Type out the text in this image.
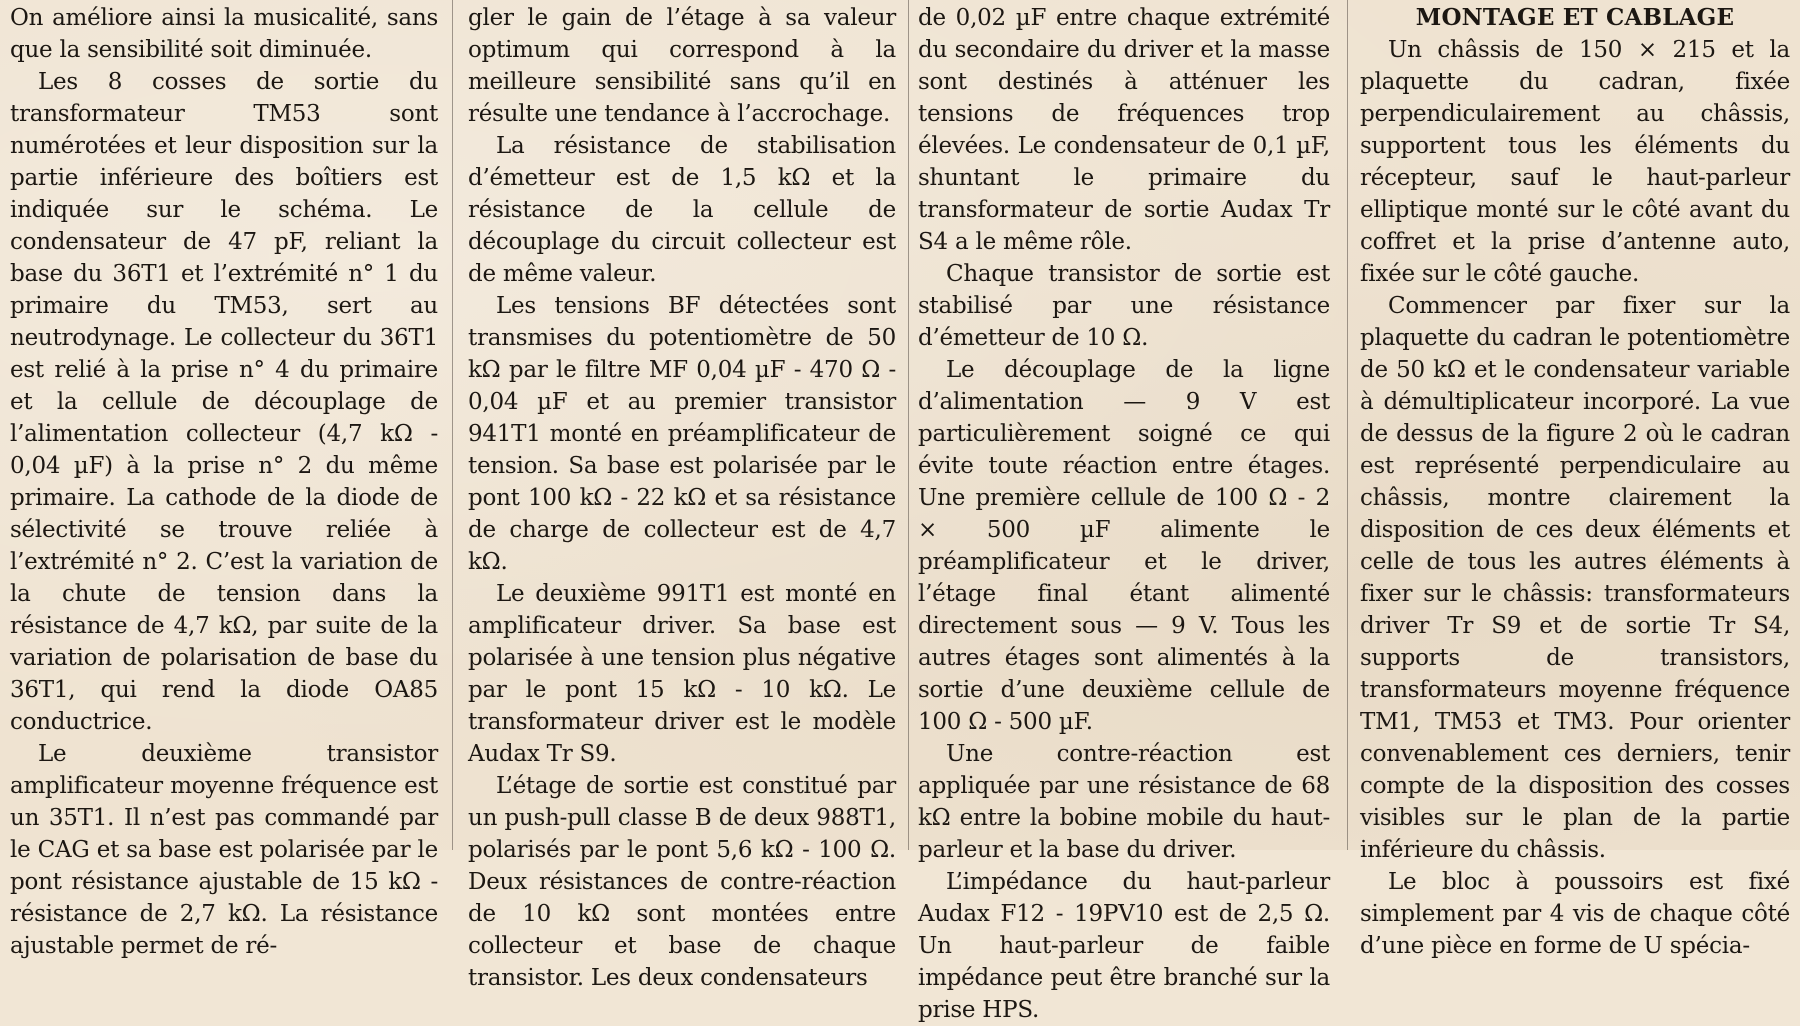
On améliore ainsi la musicalité, sans que la sensibilité soit diminuée.

Les 8 cosses de sortie du transformateur TM53 sont numérotées et leur disposition sur la partie inférieure des boîtiers est indiquée sur le schéma. Le condensateur de 47 pF, reliant la base du 36T1 et l’extrémité n° 1 du primaire du TM53, sert au neutrodynage. Le collecteur du 36T1 est relié à la prise n° 4 du primaire et la cellule de découplage de l’alimentation collecteur (4,7 kΩ - 0,04 µF) à la prise n° 2 du même primaire. La cathode de la diode de sélectivité se trouve reliée à l’extrémité n° 2. C’est la variation de la chute de tension dans la résistance de 4,7 kΩ, par suite de la variation de polarisation de base du 36T1, qui rend la diode OA85 conductrice.

Le deuxième transistor amplificateur moyenne fréquence est un 35T1. Il n’est pas commandé par le CAG et sa base est polarisée par le pont résistance ajustable de 15 kΩ - résistance de 2,7 kΩ. La résistance ajustable permet de ré-

gler le gain de l’étage à sa valeur optimum qui correspond à la meilleure sensibilité sans qu’il en résulte une tendance à l’accrochage.

La résistance de stabilisation d’émetteur est de 1,5 kΩ et la résistance de la cellule de découplage du circuit collecteur est de même valeur.

Les tensions BF détectées sont transmises du potentiomètre de 50 kΩ par le filtre MF 0,04 µF - 470 Ω - 0,04 µF et au premier transistor 941T1 monté en préamplificateur de tension. Sa base est polarisée par le pont 100 kΩ - 22 kΩ et sa résistance de charge de collecteur est de 4,7 kΩ.

Le deuxième 991T1 est monté en amplificateur driver. Sa base est polarisée à une tension plus négative par le pont 15 kΩ - 10 kΩ. Le transformateur driver est le modèle Audax Tr S9.

L’étage de sortie est constitué par un push-pull classe B de deux 988T1, polarisés par le pont 5,6 kΩ - 100 Ω. Deux résistances de contre-réaction de 10 kΩ sont montées entre collecteur et base de chaque transistor. Les deux condensateurs

de 0,02 µF entre chaque extrémité du secondaire du driver et la masse sont destinés à atténuer les tensions de fréquences trop élevées. Le condensateur de 0,1 µF, shuntant le primaire du transformateur de sortie Audax Tr S4 a le même rôle.

Chaque transistor de sortie est stabilisé par une résistance d’émetteur de 10 Ω.

Le découplage de la ligne d’alimentation — 9 V est particulièrement soigné ce qui évite toute réaction entre étages. Une première cellule de 100 Ω - 2 × 500 µF alimente le préamplificateur et le driver, l’étage final étant alimenté directement sous — 9 V. Tous les autres étages sont alimentés à la sortie d’une deuxième cellule de 100 Ω - 500 µF.

Une contre-réaction est appliquée par une résistance de 68 kΩ entre la bobine mobile du haut-parleur et la base du driver.

L’impédance du haut-parleur Audax F12 - 19PV10 est de 2,5 Ω. Un haut-parleur de faible impédance peut être branché sur la prise HPS.

MONTAGE ET CABLAGE

Un châssis de 150 × 215 et la plaquette du cadran, fixée perpendiculairement au châssis, supportent tous les éléments du récepteur, sauf le haut-parleur elliptique monté sur le côté avant du coffret et la prise d’antenne auto, fixée sur le côté gauche.

Commencer par fixer sur la plaquette du cadran le potentiomètre de 50 kΩ et le condensateur variable à démultiplicateur incorporé. La vue de dessus de la figure 2 où le cadran est représenté perpendiculaire au châssis, montre clairement la disposition de ces deux éléments et celle de tous les autres éléments à fixer sur le châssis: transformateurs driver Tr S9 et de sortie Tr S4, supports de transistors, transformateurs moyenne fréquence TM1, TM53 et TM3. Pour orienter convenablement ces derniers, tenir compte de la disposition des cosses visibles sur le plan de la partie inférieure du châssis.

Le bloc à poussoirs est fixé simplement par 4 vis de chaque côté d’une pièce en forme de U spécia-
